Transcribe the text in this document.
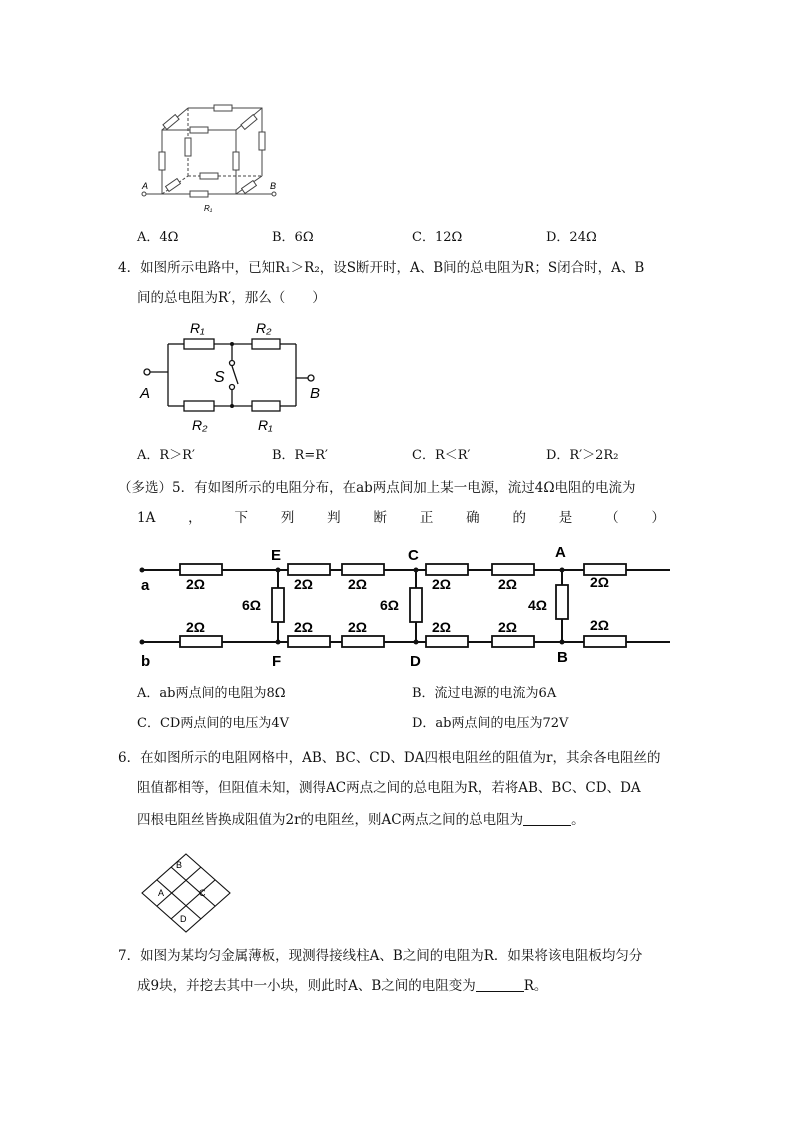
A	B
R₁
A．4Ω	B．6Ω	C．12Ω	D．24Ω
4．如图所示电路中，已知R₁＞R₂，设S断开时，A、B间的总电阻为R；S闭合时，A、B
间的总电阻为R′，那么（　　）
R₁	R₂
R₂	R₁
S
A	B
A．R＞R′	B．R=R′	C．R＜R′	D．R′＞2R₂
（多选）5．有如图所示的电阻分布，在ab两点间加上某一电源，流过4Ω电阻的电流为
1A ， 下 列 判 断 正 确 的 是 （ ）
a
b
E
F
C
D
A
B
2Ω	2Ω 2Ω	2Ω	2Ω	2Ω
2Ω	2Ω 2Ω	2Ω	2Ω	2Ω
6Ω	6Ω	4Ω
A．ab两点间的电阻为8Ω	B．流过电源的电流为6A
C．CD两点间的电压为4V	D．ab两点间的电压为72V
6．在如图所示的电阻网格中，AB、BC、CD、DA四根电阻丝的阻值为r，其余各电阻丝的
阻值都相等，但阻值未知，测得AC两点之间的总电阻为R，若将AB、BC、CD、DA
四根电阻丝皆换成阻值为2r的电阻丝，则AC两点之间的总电阻为	。
B
A	C
D
7．如图为某均匀金属薄板，现测得接线柱A、B之间的电阻为R．如果将该电阻板均匀分
成9块，并挖去其中一小块，则此时A、B之间的电阻变为	R。
